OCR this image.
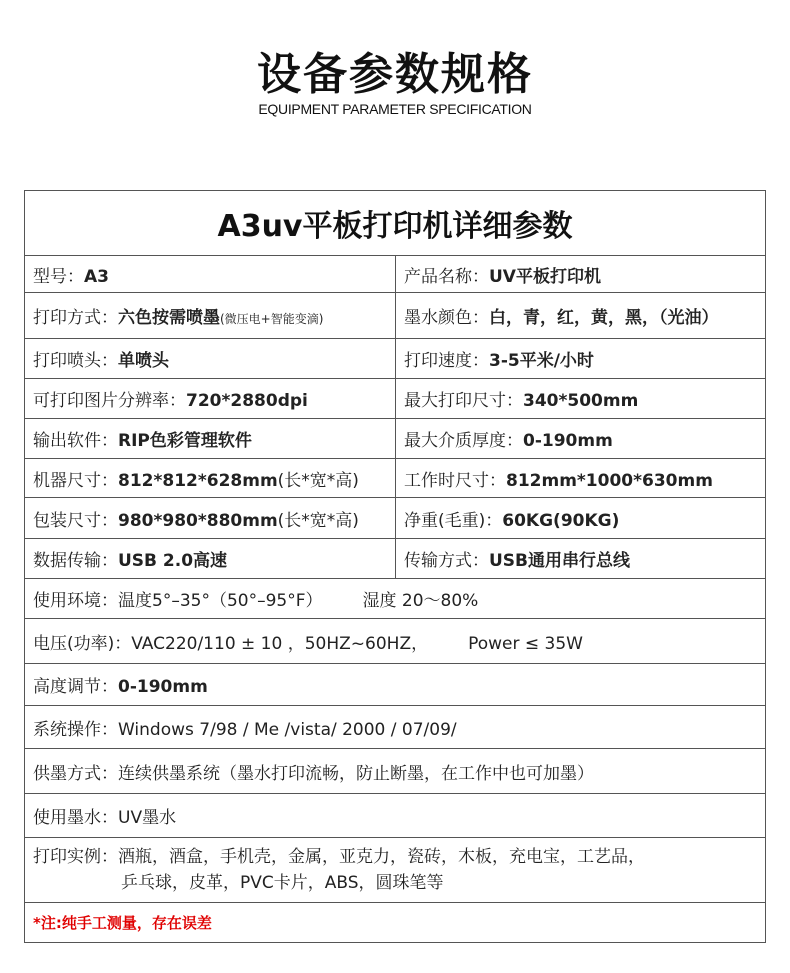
设备参数规格
EQUIPMENT PARAMETER SPECIFICATION
A3uv平板打印机详细参数	
型号：A3	产品名称：UV平板打印机
打印方式：六色按需喷墨(微压电+智能变滴)	墨水颜色：白，青，红，黄，黑，（光油）
打印喷头：单喷头	打印速度：3-5平米/小时
可打印图片分辨率：720*2880dpi	最大打印尺寸：340*500mm
输出软件：RIP色彩管理软件	最大介质厚度：0-190mm
机器尺寸：812*812*628mm(长*宽*高)	工作时尺寸：812mm*1000*630mm
包装尺寸：980*980*880mm(长*宽*高)	净重(毛重)：60KG(90KG)
数据传输：USB 2.0高速	传输方式：USB通用串行总线
使用环境：温度5°–35°（50°–95°F） 湿度 20～80%	
电压(功率)：VAC220/110 ± 10 ，50HZ~60HZ， Power ≤ 35W	
高度调节：0-190mm	
系统操作：Windows 7/98 / Me /vista/ 2000 / 07/09/	
供墨方式：连续供墨系统（墨水打印流畅，防止断墨，在工作中也可加墨）	
使用墨水：UV墨水	
打印实例：酒瓶，酒盒，手机壳，金属，亚克力，瓷砖，木板，充电宝，工艺品，
乒乓球，皮革，PVC卡片，ABS，圆珠笔等	

*注:纯手工测量，存在误差	
